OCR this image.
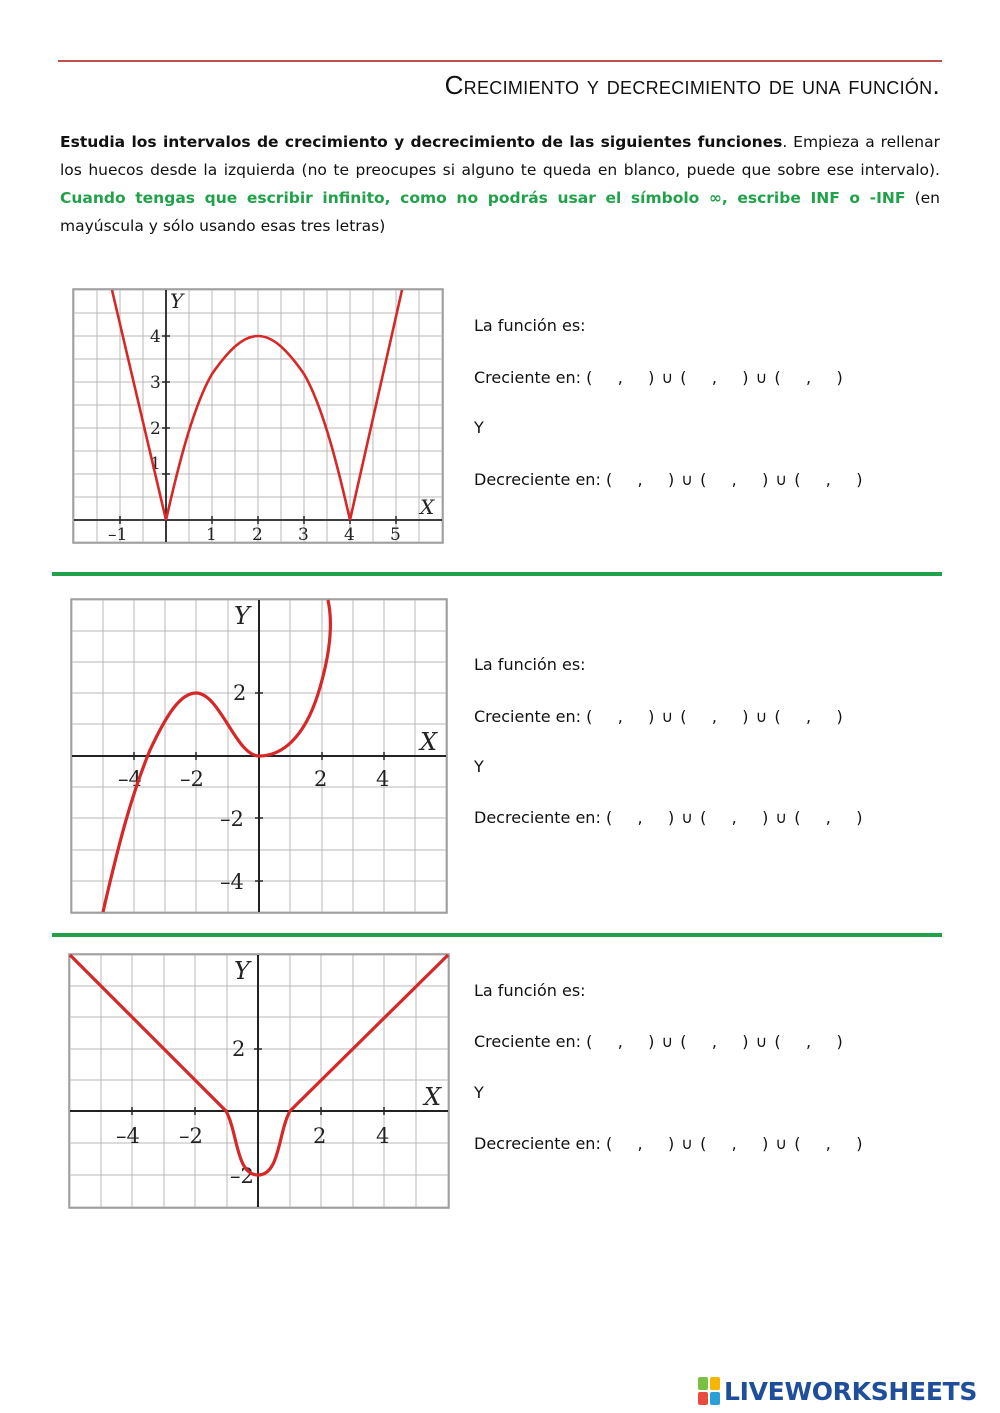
Crecimiento y decrecimiento de una función.
Estudia los intervalos de crecimiento y decrecimiento de las siguientes funciones. Empieza a rellenar los huecos desde la izquierda (no te preocupes si alguno te queda en blanco, puede que sobre ese intervalo). Cuando tengas que escribir infinito, como no podrás usar el símbolo ∞, escribe INF o -INF (en mayúscula y sólo usando esas tres letras)
–1	1 2 3 4 5
1
2
3
4
X
Y
La función es:
Creciente en: (    ,    ) ∪ (    ,    ) ∪ (    ,    )
Y
Decreciente en: (    ,    ) ∪ (    ,    ) ∪ (    ,    )
–4 –2	2 4
2
–2
–4
X
Y
La función es:
Creciente en: (    ,    ) ∪ (    ,    ) ∪ (    ,    )
Y
Decreciente en: (    ,    ) ∪ (    ,    ) ∪ (    ,    )
–4 –2	2 4
2
–2
X
Y
La función es:
Creciente en: (    ,    ) ∪ (    ,    ) ∪ (    ,    )
Y
Decreciente en: (    ,    ) ∪ (    ,    ) ∪ (    ,    )
LIVEWORKSHEETS
